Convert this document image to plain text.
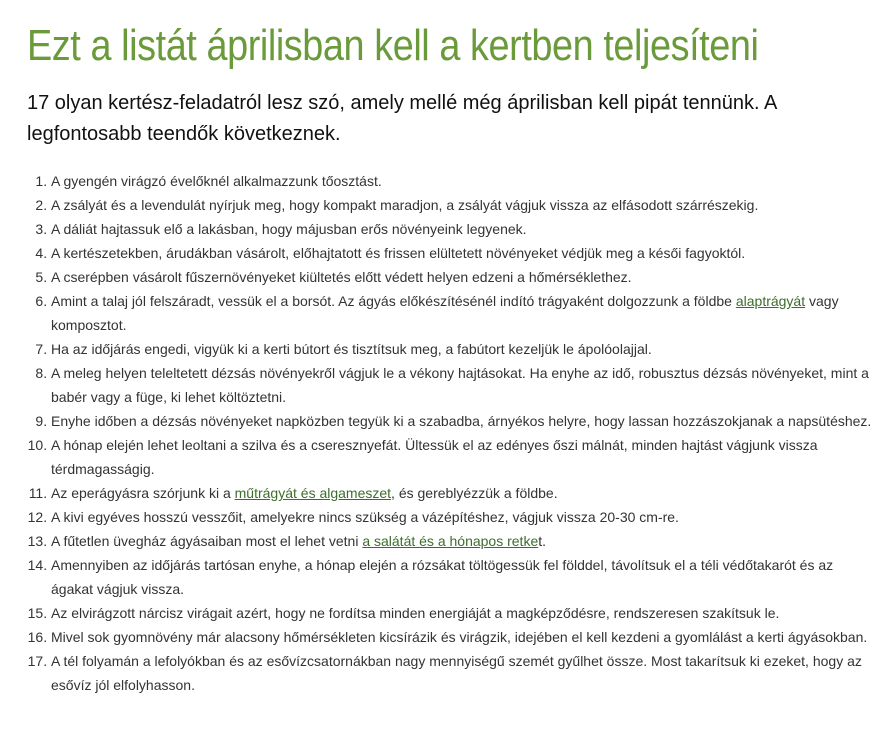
Ezt a listát áprilisban kell a kertben teljesíteni

17 olyan kertész-feladatról lesz szó, amely mellé még áprilisban kell pipát tennünk. A legfontosabb teendők következnek.

1. A gyengén virágzó évelőknél alkalmazzunk tőosztást.
2. A zsályát és a levendulát nyírjuk meg, hogy kompakt maradjon, a zsályát vágjuk vissza az elfásodott szárrészekig.
3. A dáliát hajtassuk elő a lakásban, hogy májusban erős növényeink legyenek.
4. A kertészetekben, árudákban vásárolt, előhajtatott és frissen elültetett növényeket védjük meg a késői fagyoktól.
5. A cserépben vásárolt fűszernövényeket kiültetés előtt védett helyen edzeni a hőmérséklethez.
6. Amint a talaj jól felszáradt, vessük el a borsót. Az ágyás előkészítésénél indító trágyaként dolgozzunk a földbe alaptrágyát vagy komposztot.
7. Ha az időjárás engedi, vigyük ki a kerti bútort és tisztítsuk meg, a fabútort kezeljük le ápolóolajjal.
8. A meleg helyen teleltetett dézsás növényekről vágjuk le a vékony hajtásokat. Ha enyhe az idő, robusztus dézsás növényeket, mint a babér vagy a füge, ki lehet költöztetni.
9. Enyhe időben a dézsás növényeket napközben tegyük ki a szabadba, árnyékos helyre, hogy lassan hozzászokjanak a napsütéshez.
10. A hónap elején lehet leoltani a szilva és a cseresznyefát. Ültessük el az edényes őszi málnát, minden hajtást vágjunk vissza térdmagasságig.
11. Az eperágyásra szórjunk ki a műtrágyát és algameszet, és gereblyézzük a földbe.
12. A kivi egyéves hosszú vesszőit, amelyekre nincs szükség a vázépítéshez, vágjuk vissza 20-30 cm-re.
13. A fűtetlen üvegház ágyásaiban most el lehet vetni a salátát és a hónapos retket.
14. Amennyiben az időjárás tartósan enyhe, a hónap elején a rózsákat töltögessük fel földdel, távolítsuk el a téli védőtakarót és az ágakat vágjuk vissza.
15. Az elvirágzott nárcisz virágait azért, hogy ne fordítsa minden energiáját a magképződésre, rendszeresen szakítsuk le.
16. Mivel sok gyomnövény már alacsony hőmérsékleten kicsírázik és virágzik, idejében el kell kezdeni a gyomlálást a kerti ágyásokban.
17. A tél folyamán a lefolyókban és az esővízcsatornákban nagy mennyiségű szemét gyűlhet össze. Most takarítsuk ki ezeket, hogy az esővíz jól elfolyhasson.
